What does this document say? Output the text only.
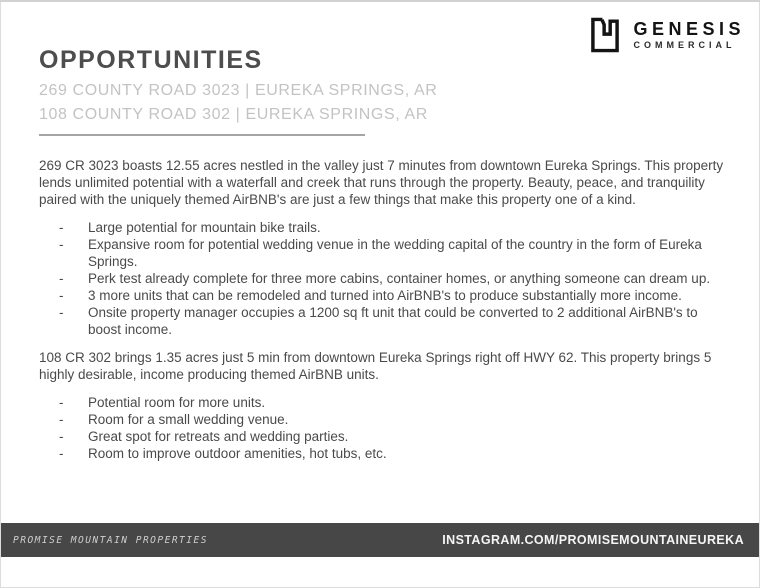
GENESIS
COMMERCIAL
OPPORTUNITIES
269 COUNTY ROAD 3023 | EUREKA SPRINGS, AR
108 COUNTY ROAD 302 | EUREKA SPRINGS, AR

269 CR 3023 boasts 12.55 acres nestled in the valley just 7 minutes from downtown Eureka Springs. This property lends unlimited potential with a waterfall and creek that runs through the property. Beauty, peace, and tranquility paired with the uniquely themed AirBNB's are just a few things that make this property one of a kind.

-	Large potential for mountain bike trails.
-	Expansive room for potential wedding venue in the wedding capital of the country in the form of Eureka Springs.
-	Perk test already complete for three more cabins, container homes, or anything someone can dream up.
-	3 more units that can be remodeled and turned into AirBNB's to produce substantially more income.
-	Onsite property manager occupies a 1200 sq ft unit that could be converted to 2 additional AirBNB's to boost income.

108 CR 302 brings 1.35 acres just 5 min from downtown Eureka Springs right off HWY 62. This property brings 5 highly desirable, income producing themed AirBNB units.

-	Potential room for more units.
-	Room for a small wedding venue.
-	Great spot for retreats and wedding parties.
-	Room to improve outdoor amenities, hot tubs, etc.
PROMISE MOUNTAIN PROPERTIES	INSTAGRAM.COM/PROMISEMOUNTAINEUREKA
